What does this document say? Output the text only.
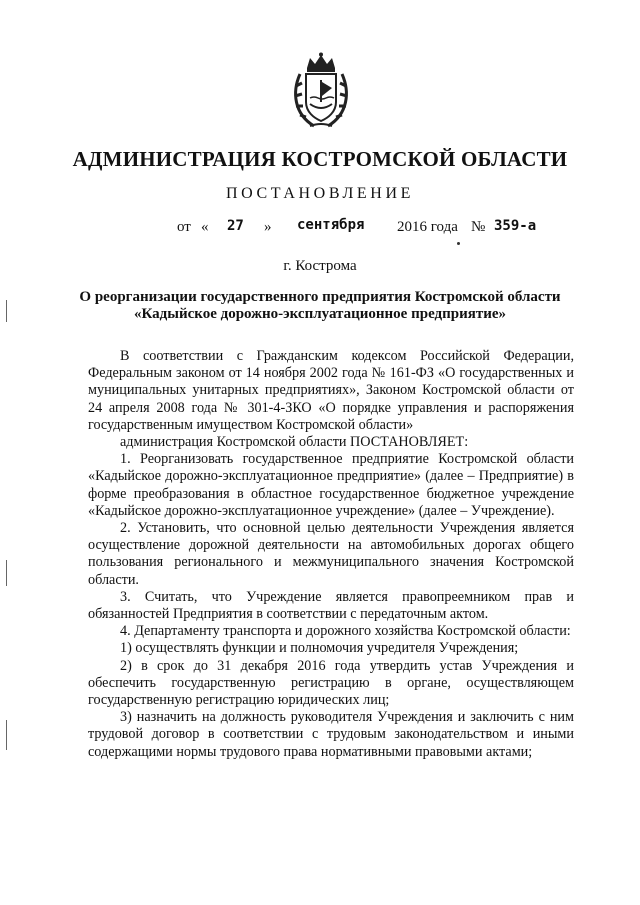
АДМИНИСТРАЦИЯ КОСТРОМСКОЙ ОБЛАСТИ
ПОСТАНОВЛЕНИЕ
от « 27 » сентября 2016 года № 359-а
г. Кострома
О реорганизации государственного предприятия Костромской области
«Кадыйское дорожно-эксплуатационное предприятие»

В соответствии с Гражданским кодексом Российской Федерации, Федеральным законом от 14 ноября 2002 года № 161-ФЗ «О государственных и муниципальных унитарных предприятиях», Законом Костромской области от 24 апреля 2008 года № 301-4-ЗКО «О порядке управления и распоряжения государственным имуществом Костромской области»

администрация Костромской области ПОСТАНОВЛЯЕТ:

1. Реорганизовать государственное предприятие Костромской области «Кадыйское дорожно-эксплуатационное предприятие» (далее – Предприятие) в форме преобразования в областное государственное бюджетное учреждение «Кадыйское дорожно-эксплуатационное учреждение» (далее – Учреждение).

2. Установить, что основной целью деятельности Учреждения является осуществление дорожной деятельности на автомобильных дорогах общего пользования регионального и межмуниципального значения Костромской области.

3. Считать, что Учреждение является правопреемником прав и обязанностей Предприятия в соответствии с передаточным актом.

4. Департаменту транспорта и дорожного хозяйства Костромской области:

1) осуществлять функции и полномочия учредителя Учреждения;

2) в срок до 31 декабря 2016 года утвердить устав Учреждения и обеспечить государственную регистрацию в органе, осуществляющем государственную регистрацию юридических лиц;

3) назначить на должность руководителя Учреждения и заключить с ним трудовой договор в соответствии с трудовым законодательством и иными содержащими нормы трудового права нормативными правовыми актами;
